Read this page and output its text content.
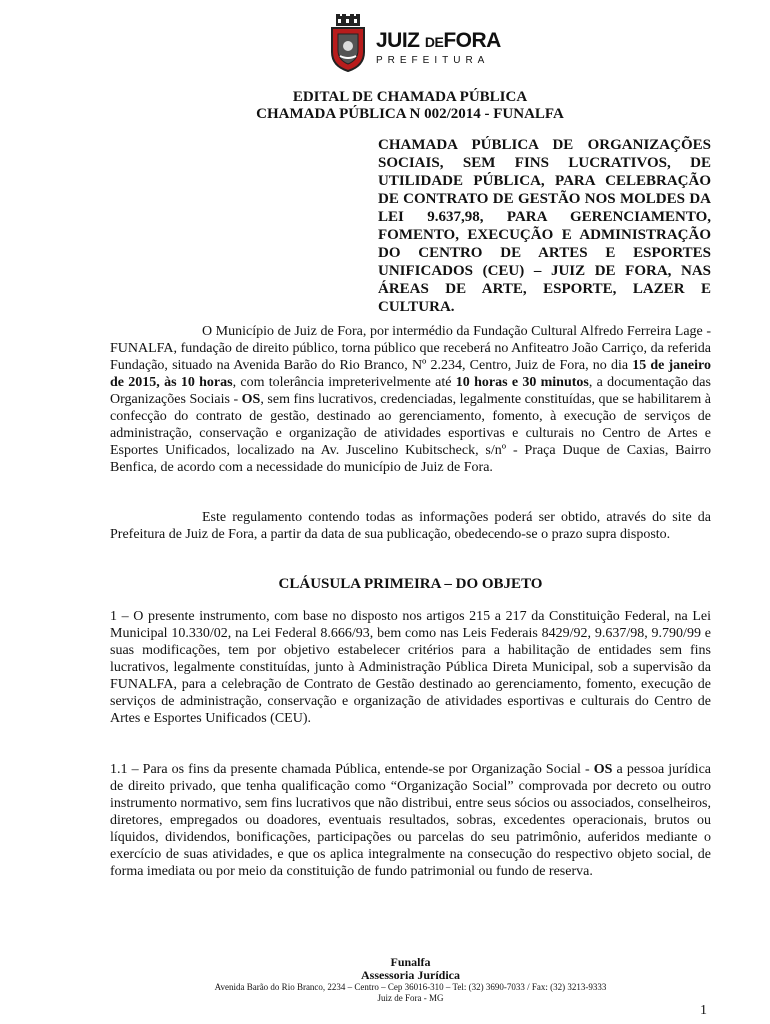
JUIZ DEFORA
PREFEITURA
EDITAL DE CHAMADA PÚBLICA
CHAMADA PÚBLICA N 002/2014 - FUNALFA
CHAMADA PÚBLICA DE ORGANIZAÇÕES SOCIAIS, SEM FINS LUCRATIVOS, DE UTILIDADE PÚBLICA, PARA CELEBRAÇÃO DE CONTRATO DE GESTÃO NOS MOLDES DA LEI 9.637,98, PARA GERENCIAMENTO, FOMENTO, EXECUÇÃO E ADMINISTRAÇÃO DO CENTRO DE ARTES E ESPORTES UNIFICADOS (CEU) – JUIZ DE FORA, NAS ÁREAS DE ARTE, ESPORTE, LAZER E CULTURA.

O Município de Juiz de Fora, por intermédio da Fundação Cultural Alfredo Ferreira Lage - FUNALFA, fundação de direito público, torna público que receberá no Anfiteatro João Carriço, da referida Fundação, situado na Avenida Barão do Rio Branco, Nº 2.234, Centro, Juiz de Fora, no dia 15 de janeiro de 2015, às 10 horas, com tolerância impreterivelmente até 10 horas e 30 minutos, a documentação das Organizações Sociais - OS, sem fins lucrativos, credenciadas, legalmente constituídas, que se habilitarem à confecção do contrato de gestão, destinado ao gerenciamento, fomento, à execução de serviços de administração, conservação e organização de atividades esportivas e culturais no Centro de Artes e Esportes Unificados, localizado na Av. Juscelino Kubitscheck, s/nº - Praça Duque de Caxias, Bairro Benfica, de acordo com a necessidade do município de Juiz de Fora.

Este regulamento contendo todas as informações poderá ser obtido, através do site da Prefeitura de Juiz de Fora, a partir da data de sua publicação, obedecendo-se o prazo supra disposto.

CLÁUSULA PRIMEIRA – DO OBJETO

1 – O presente instrumento, com base no disposto nos artigos 215 a 217 da Constituição Federal, na Lei Municipal 10.330/02, na Lei Federal 8.666/93, bem como nas Leis Federais 8429/92, 9.637/98, 9.790/99 e suas modificações, tem por objetivo estabelecer critérios para a habilitação de entidades sem fins lucrativos, legalmente constituídas, junto à Administração Pública Direta Municipal, sob a supervisão da FUNALFA, para a celebração de Contrato de Gestão destinado ao gerenciamento, fomento, execução de serviços de administração, conservação e organização de atividades esportivas e culturais do Centro de Artes e Esportes Unificados (CEU).

1.1 – Para os fins da presente chamada Pública, entende-se por Organização Social - OS a pessoa jurídica de direito privado, que tenha qualificação como “Organização Social” comprovada por decreto ou outro instrumento normativo, sem fins lucrativos que não distribui, entre seus sócios ou associados, conselheiros, diretores, empregados ou doadores, eventuais resultados, sobras, excedentes operacionais, brutos ou líquidos, dividendos, bonificações, participações ou parcelas do seu patrimônio, auferidos mediante o exercício de suas atividades, e que os aplica integralmente na consecução do respectivo objeto social, de forma imediata ou por meio da constituição de fundo patrimonial ou fundo de reserva.

Funalfa
Assessoria Jurídica
Avenida Barão do Rio Branco, 2234 – Centro – Cep 36016-310 – Tel: (32) 3690-7033 / Fax: (32) 3213-9333
Juiz de Fora - MG
1
